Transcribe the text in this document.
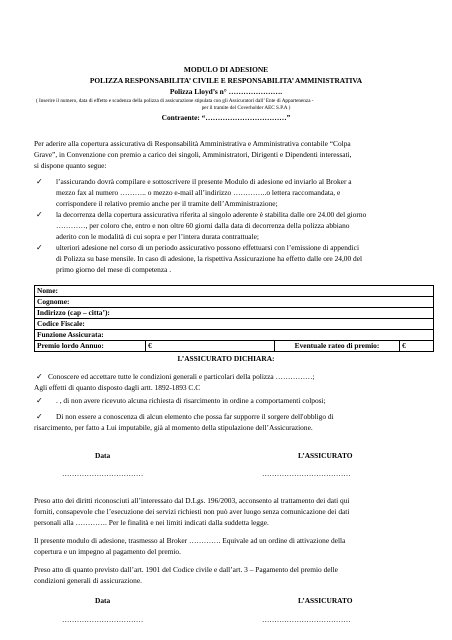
MODULO DI ADESIONE
POLIZZA RESPONSABILITA’ CIVILE E RESPONSABILITA’ AMMINISTRATIVA
Polizza Lloyd’s n° ………………….
( Inserire il numero, data di effetto e scadenza della polizza di assicurazione stipulata con gli Assicuratori dall’ Ente di Appartenenza -
per il tramite del Coverholder AEC S.P.A )
Contraente: “……………………………”
Per aderire alla copertura assicurativa di Responsabilità Amministrativa e Amministrativa contabile “Colpa
Grave”, in Convenzione con premio a carico dei singoli, Amministratori, Dirigenti e Dipendenti interessati,
si dispone quanto segue:
✓ l’assicurando dovrà compilare e sottoscrivere il presente Modulo di adesione ed inviarlo al Broker a
mezzo fax al numero ……….. o mezzo e-mail all’indirizzo …………..o lettera raccomandata, e
corrispondere il relativo premio anche per il tramite dell’Amministrazione;
✓ la decorrenza della copertura assicurativa riferita al singolo aderente è stabilita dalle ore 24.00 del giorno
…………, per coloro che, entro e non oltre 60 giorni dalla data di decorrenza della polizza abbiano
aderito con le modalità di cui sopra e per l’intera durata contrattuale;
✓ ulteriori adesione nel corso di un periodo assicurativo possono effettuarsi con l’emissione di appendici
di Polizza su base mensile. In caso di adesione, la rispettiva Assicurazione ha effetto dalle ore 24,00 del
primo giorno del mese di competenza .
Nome:
Cognome:
Indirizzo (cap – citta’):
Codice Fiscale:
Funzione Assicurata:
Premio lordo Annuo:	€	Eventuale rateo di premio:	€
L’ASSICURATO DICHIARA:
✓ Conoscere ed accettare tutte le condizioni generali e particolari della polizza ……………;
Agli effetti di quanto disposto dagli artt. 1892-1893 C.C
✓ . , di non avere ricevuto alcuna richiesta di risarcimento in ordine a comportamenti colposi;
✓ Di non essere a conoscenza di alcun elemento che possa far supporre il sorgere dell'obbligo di
risarcimento, per fatto a Lui imputabile, già al momento della stipulazione dell’Assicurazione.
Data	L’ASSICURATO
……………………………	………………………………
Preso atto dei diritti riconosciuti all’interessato dal D.Lgs. 196/2003, acconsento al trattamento dei dati qui
forniti, consapevole che l’esecuzione dei servizi richiesti non può aver luogo senza comunicazione dei dati
personali alla …………. Per le finalità e nei limiti indicati dalla suddetta legge.
Il presente modulo di adesione, trasmesso al Broker …………. Equivale ad un ordine di attivazione della
copertura e un impegno al pagamento del premio.
Preso atto di quanto previsto dall’art. 1901 del Codice civile e dall’art. 3 – Pagamento del premio delle
condizioni generali di assicurazione.
Data	L’ASSICURATO
……………………………	………………………………
